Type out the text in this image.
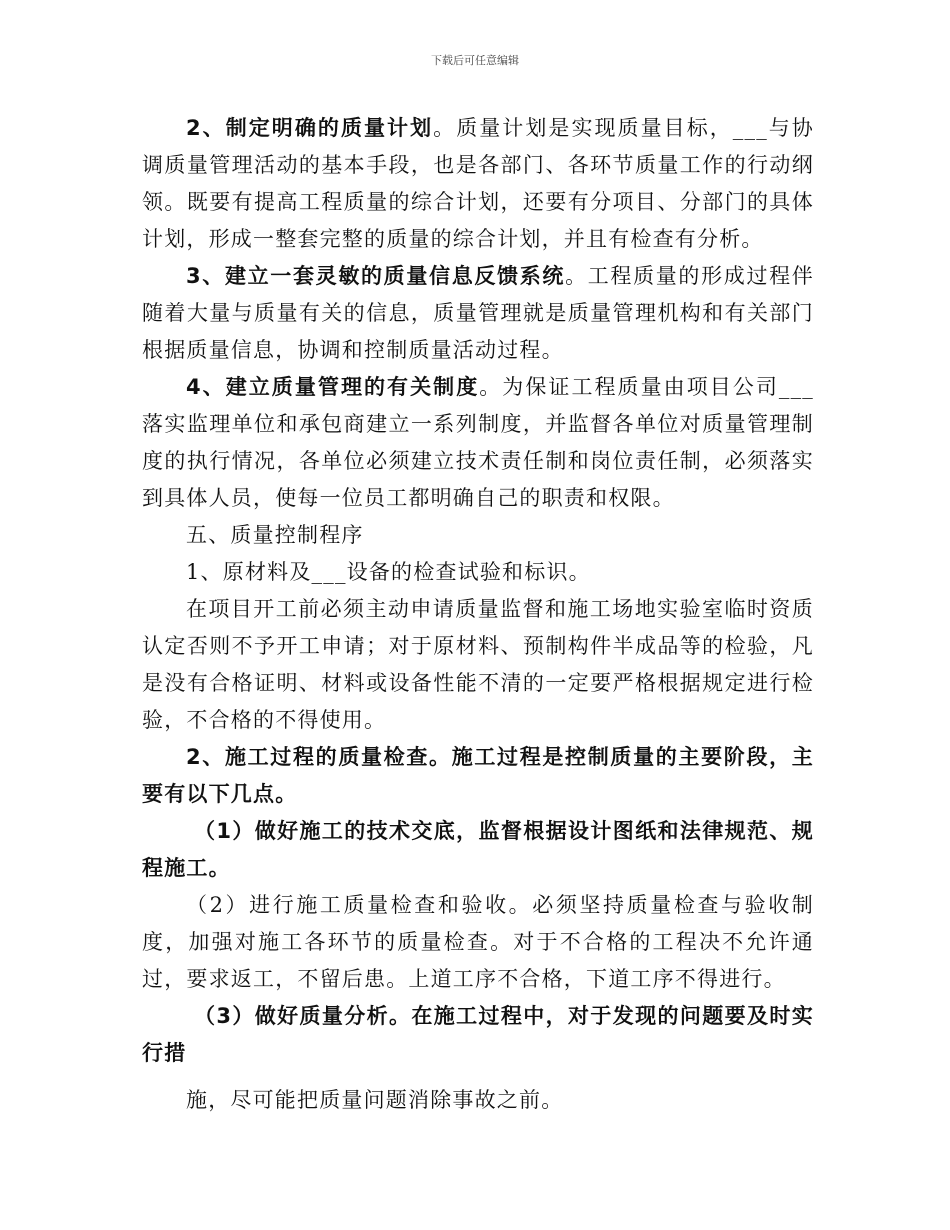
下载后可任意编辑

2、制定明确的质量计划。质量计划是实现质量目标，___与协调质量管理活动的基本手段，也是各部门、各环节质量工作的行动纲领。既要有提高工程质量的综合计划，还要有分项目、分部门的具体计划，形成一整套完整的质量的综合计划，并且有检查有分析。

3、建立一套灵敏的质量信息反馈系统。工程质量的形成过程伴随着大量与质量有关的信息，质量管理就是质量管理机构和有关部门根据质量信息，协调和控制质量活动过程。

4、建立质量管理的有关制度。为保证工程质量由项目公司___落实监理单位和承包商建立一系列制度，并监督各单位对质量管理制度的执行情况，各单位必须建立技术责任制和岗位责任制，必须落实到具体人员，使每一位员工都明确自己的职责和权限。

五、质量控制程序

1、原材料及___设备的检查试验和标识。

在项目开工前必须主动申请质量监督和施工场地实验室临时资质认定否则不予开工申请；对于原材料、预制构件半成品等的检验，凡是没有合格证明、材料或设备性能不清的一定要严格根据规定进行检验，不合格的不得使用。

2、施工过程的质量检查。施工过程是控制质量的主要阶段，主要有以下几点。

（1）做好施工的技术交底，监督根据设计图纸和法律规范、规程施工。

（2）进行施工质量检查和验收。必须坚持质量检查与验收制度，加强对施工各环节的质量检查。对于不合格的工程决不允许通过，要求返工，不留后患。上道工序不合格，下道工序不得进行。

（3）做好质量分析。在施工过程中，对于发现的问题要及时实行措

施，尽可能把质量问题消除事故之前。
